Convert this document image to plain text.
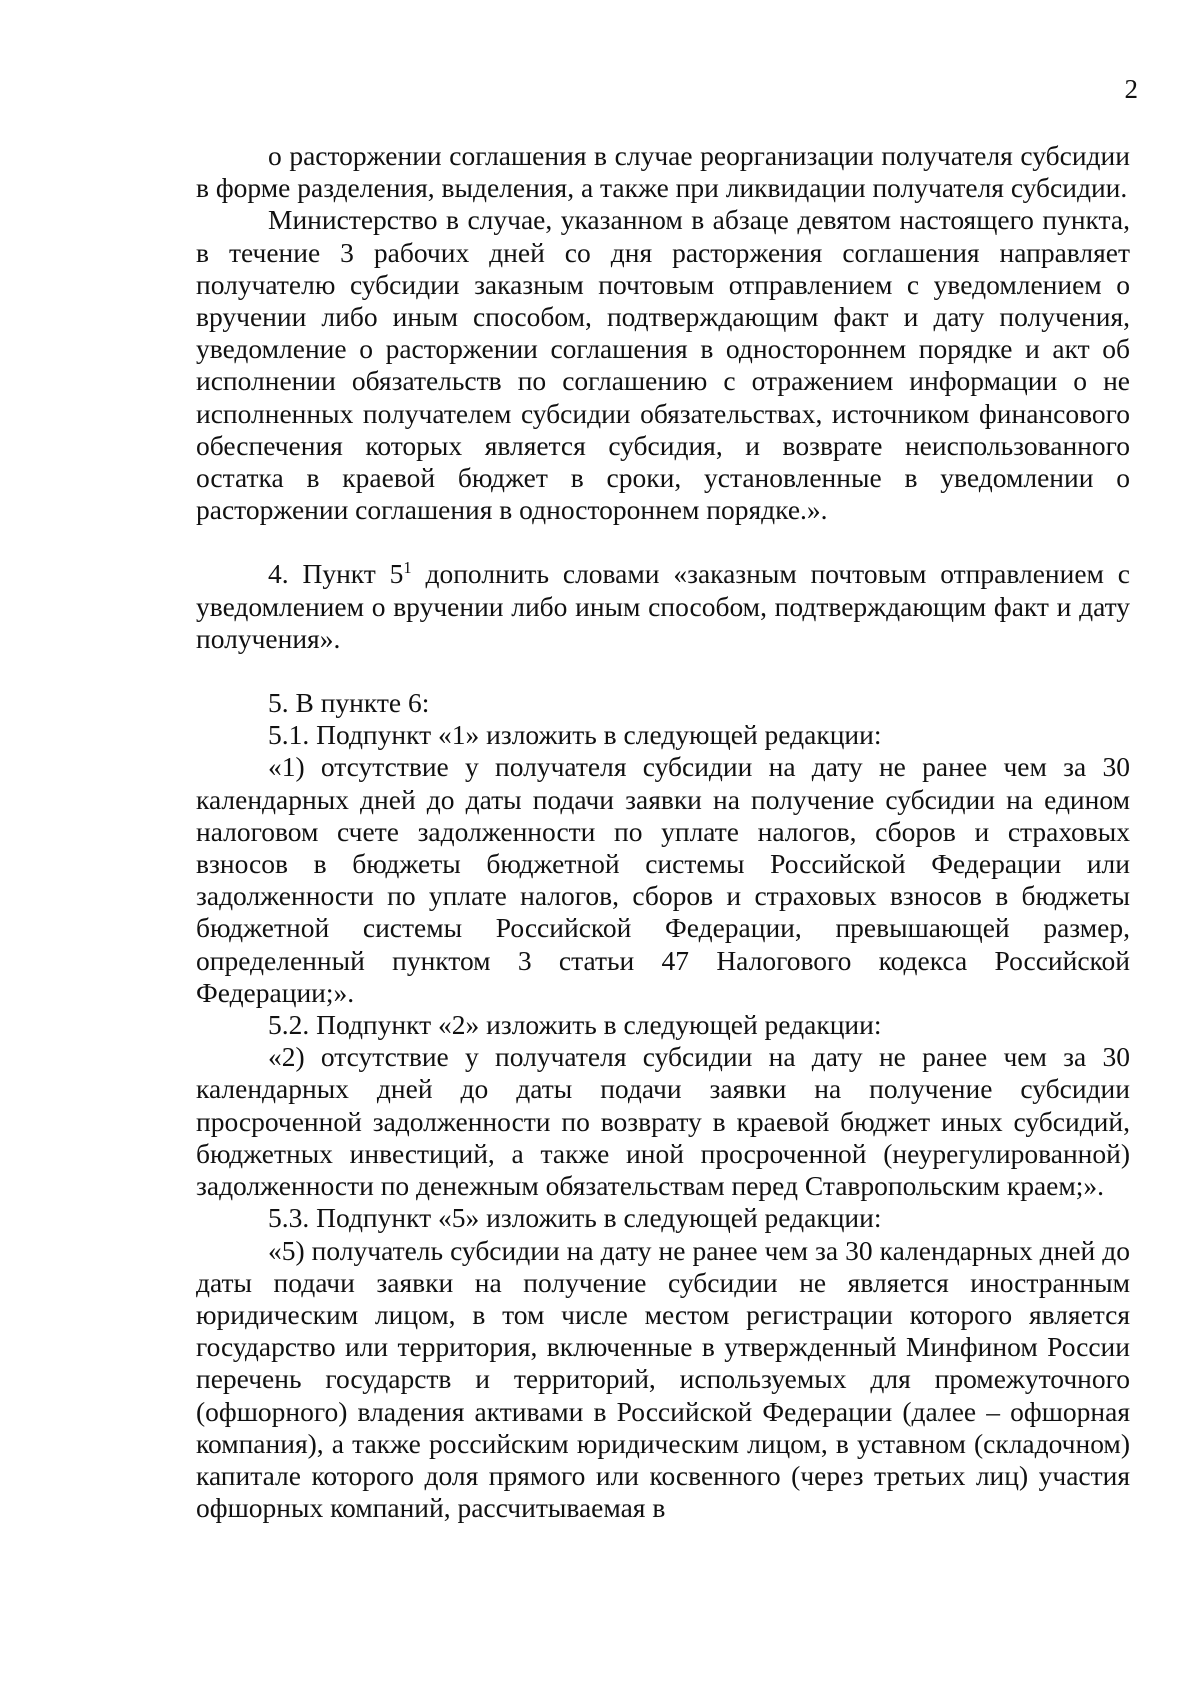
2

о расторжении соглашения в случае реорганизации получателя субсидии в форме разделения, выделения, а также при ликвидации получателя субсидии.

Министерство в случае, указанном в абзаце девятом настоящего пункта, в течение 3 рабочих дней со дня расторжения соглашения направляет получателю субсидии заказным почтовым отправлением с уведомлением о вручении либо иным способом, подтверждающим факт и дату получения, уведомление о расторжении соглашения в одностороннем порядке и акт об исполнении обязательств по соглашению с отражением информации о не исполненных получателем субсидии обязательствах, источником финансового обеспечения которых является субсидия, и возврате неиспользованного остатка в краевой бюджет в сроки, установленные в уведомлении о расторжении соглашения в одностороннем порядке.».

4. Пункт $5^1$ дополнить словами «заказным почтовым отправлением с уведомлением о вручении либо иным способом, подтверждающим факт и дату получения».

5. В пункте 6:

5.1. Подпункт «1» изложить в следующей редакции:

«1) отсутствие у получателя субсидии на дату не ранее чем за 30 календарных дней до даты подачи заявки на получение субсидии на едином налоговом счете задолженности по уплате налогов, сборов и страховых взносов в бюджеты бюджетной системы Российской Федерации или задолженности по уплате налогов, сборов и страховых взносов в бюджеты бюджетной системы Российской Федерации, превышающей размер, определенный пунктом 3 статьи 47 Налогового кодекса Российской Федерации;».

5.2. Подпункт «2» изложить в следующей редакции:

«2) отсутствие у получателя субсидии на дату не ранее чем за 30 календарных дней до даты подачи заявки на получение субсидии просроченной задолженности по возврату в краевой бюджет иных субсидий, бюджетных инвестиций, а также иной просроченной (неурегулированной) задолженности по денежным обязательствам перед Ставропольским краем;».

5.3. Подпункт «5» изложить в следующей редакции:

«5) получатель субсидии на дату не ранее чем за 30 календарных дней до даты подачи заявки на получение субсидии не является иностранным юридическим лицом, в том числе местом регистрации которого является государство или территория, включенные в утвержденный Минфином России перечень государств и территорий, используемых для промежуточного (офшорного) владения активами в Российской Федерации (далее – офшорная компания), а также российским юридическим лицом, в уставном (складочном) капитале которого доля прямого или косвенного (через третьих лиц) участия офшорных компаний, рассчитываемая в
